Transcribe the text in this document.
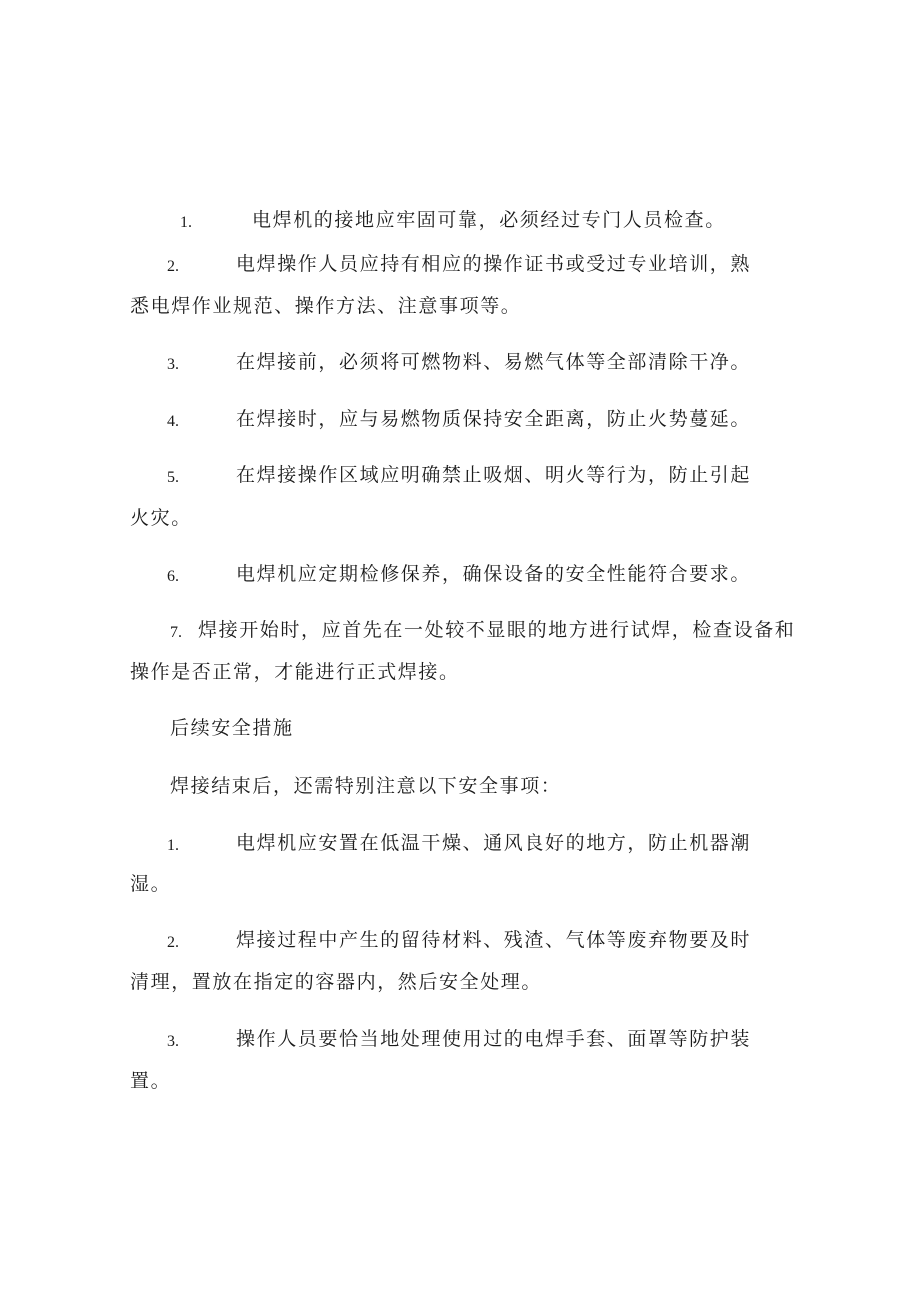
1.	电焊机的接地应牢固可靠，必须经过专门人员检查。
2.	电焊操作人员应持有相应的操作证书或受过专业培训，熟
悉电焊作业规范、操作方法、注意事项等。
3.	在焊接前，必须将可燃物料、易燃气体等全部清除干净。
4.	在焊接时，应与易燃物质保持安全距离，防止火势蔓延。
5.	在焊接操作区域应明确禁止吸烟、明火等行为，防止引起
火灾。
6.	电焊机应定期检修保养，确保设备的安全性能符合要求。
7. 焊接开始时，应首先在一处较不显眼的地方进行试焊，检查设备和
操作是否正常，才能进行正式焊接。
后续安全措施
焊接结束后，还需特别注意以下安全事项：
1.	电焊机应安置在低温干燥、通风良好的地方，防止机器潮
湿。
2.	焊接过程中产生的留待材料、残渣、气体等废弃物要及时
清理，置放在指定的容器内，然后安全处理。
3.	操作人员要恰当地处理使用过的电焊手套、面罩等防护装
置。
